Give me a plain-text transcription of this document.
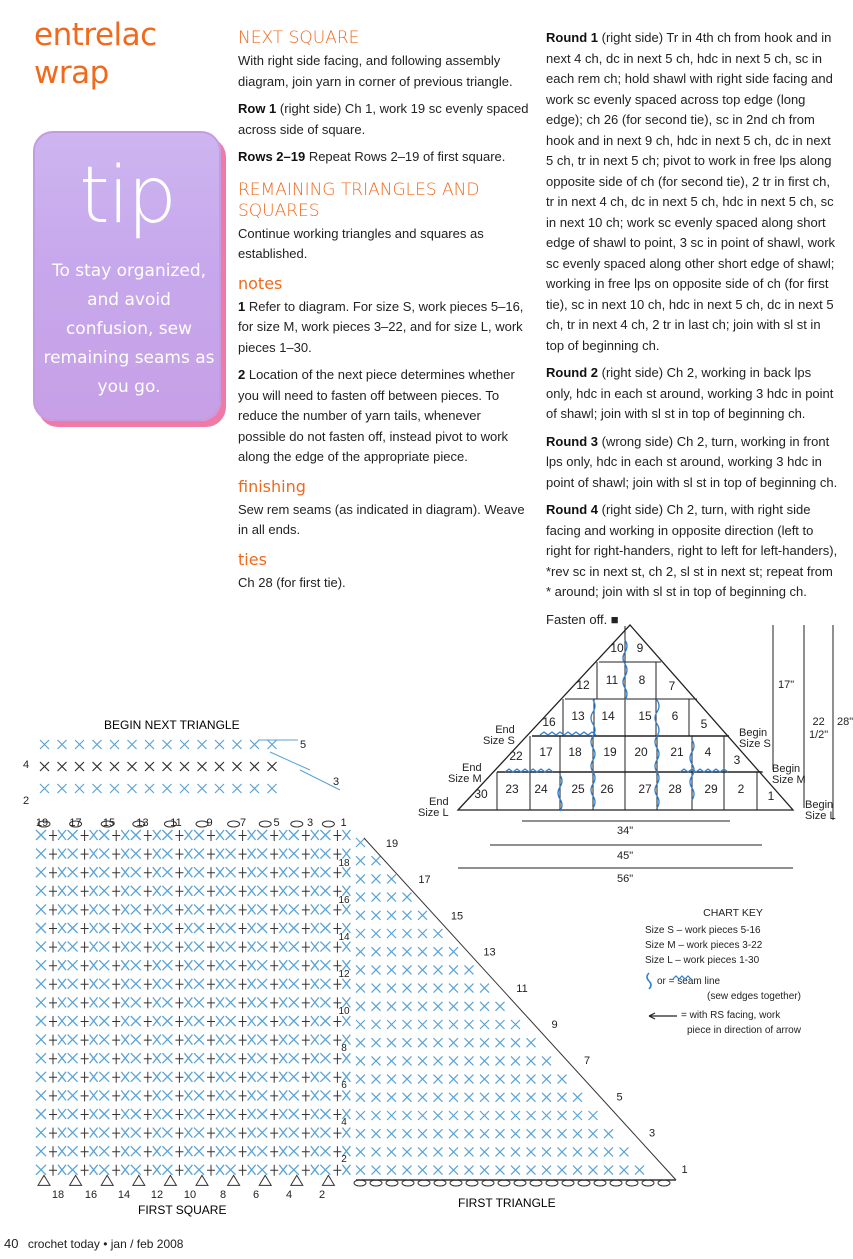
entrelac
wrap
tip
To stay organized, and avoid confusion, sew remaining seams as you go.
NEXT SQUARE

With right side facing, and following assembly diagram, join yarn in corner of previous triangle.

Row 1 (right side) Ch 1, work 19 sc evenly spaced across side of square.

Rows 2–19 Repeat Rows 2–19 of first square.

REMAINING TRIANGLES AND SQUARES

Continue working triangles and squares as established.

notes

1 Refer to diagram. For size S, work pieces 5–16, for size M, work pieces 3–22, and for size L, work pieces 1–30.

2 Location of the next piece determines whether you will need to fasten off between pieces. To reduce the number of yarn tails, whenever possible do not fasten off, instead pivot to work along the edge of the appropriate piece.

finishing

Sew rem seams (as indicated in diagram). Weave in all ends.

ties

Ch 28 (for first tie).

Round 1 (right side) Tr in 4th ch from hook and in next 4 ch, dc in next 5 ch, hdc in next 5 ch, sc in each rem ch; hold shawl with right side facing and work sc evenly spaced across top edge (long edge); ch 26 (for second tie), sc in 2nd ch from hook and in next 9 ch, hdc in next 5 ch, dc in next 5 ch, tr in next 5 ch; pivot to work in free lps along opposite side of ch (for second tie), 2 tr in first ch, tr in next 4 ch, dc in next 5 ch, hdc in next 5 ch, sc in next 10 ch; work sc evenly spaced along short edge of shawl to point, 3 sc in point of shawl, work sc evenly spaced along other short edge of shawl; working in free lps on opposite side of ch (for first tie), sc in next 10 ch, hdc in next 5 ch, dc in next 5 ch, tr in next 4 ch, 2 tr in last ch; join with sl st in top of beginning ch.

Round 2 (right side) Ch 2, working in back lps only, hdc in each st around, working 3 hdc in point of shawl; join with sl st in top of beginning ch.

Round 3 (wrong side) Ch 2, turn, working in front lps only, hdc in each st around, working 3 hdc in point of shawl; join with sl st in top of beginning ch.

Round 4 (right side) Ch 2, turn, with right side facing and working in opposite direction (left to right for right-handers, right to left for left-handers), *rev sc in next st, ch 2, sl st in next st; repeat from * around; join with sl st in top of beginning ch.

Fasten off. ■

BEGIN NEXT TRIANGLE
FIRST SQUARE	FIRST TRIANGLE
18 16 14 12 10 8 6 4 2
19 17 15 13 11 9 7 5 3 1
18
16
14
12
10
8
6
4
2
19
17
15
13
11
9
7
5
3
1
5
3
4
2
10 9
12 11 8 7
16 13 14 15 6
5
22 17 18 19 20 21 4
3
30 23 24 25 26 27 28 29 2 1
End
Size S
End
Size M
End
Size L
Begin
Size S
Begin
Size M
Begin
Size L
17"
22
1/2"
28"
34"
45"
56"
CHART KEY
Size S – work pieces 5-16
Size M – work pieces 3-22
Size L – work pieces 1-30
or = seam line
(sew edges together)
= with RS facing, work
piece in direction of arrow
40 crochet today • jan / feb 2008
